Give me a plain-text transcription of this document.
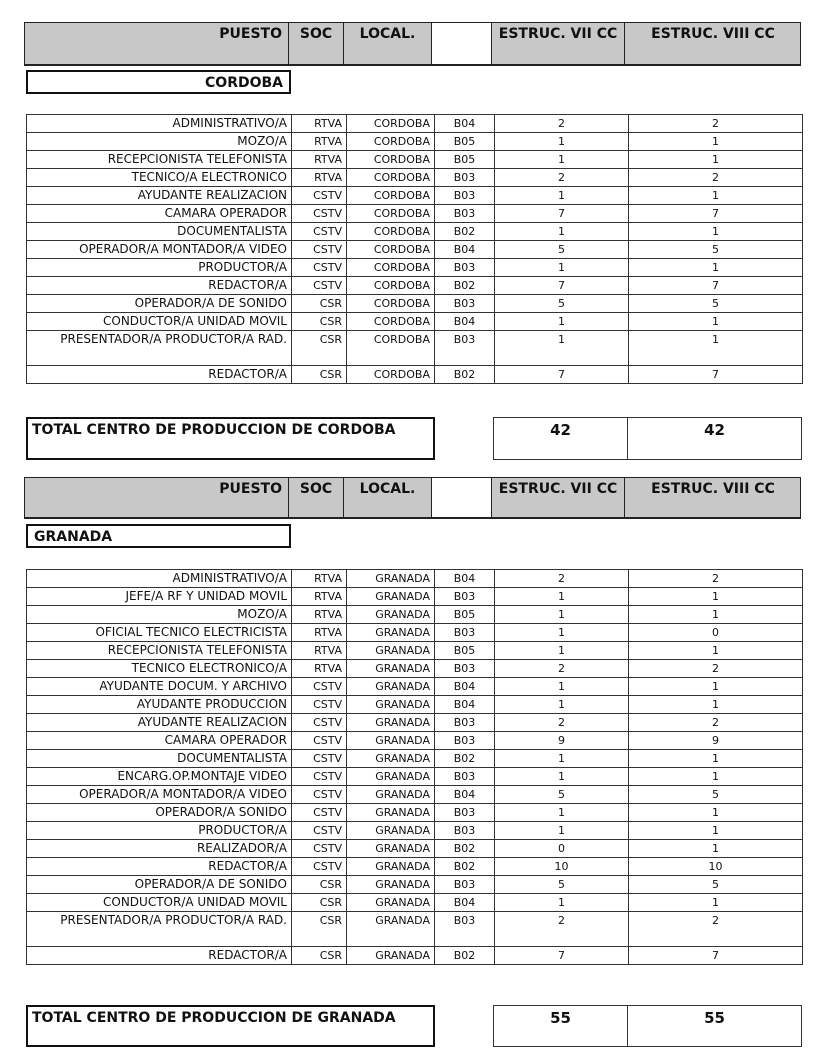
PUESTO	SOC	LOCAL.	ESTRUC. VII CC	ESTRUC. VIII CC
CORDOBA
ADMINISTRATIVO/A	RTVA	CORDOBA	B04	2	2
MOZO/A	RTVA	CORDOBA	B05	1	1
RECEPCIONISTA TELEFONISTA	RTVA	CORDOBA	B05	1	1
TECNICO/A ELECTRONICO	RTVA	CORDOBA	B03	2	2
AYUDANTE REALIZACION	CSTV	CORDOBA	B03	1	1
CAMARA OPERADOR	CSTV	CORDOBA	B03	7	7
DOCUMENTALISTA	CSTV	CORDOBA	B02	1	1
OPERADOR/A MONTADOR/A VIDEO	CSTV	CORDOBA	B04	5	5
PRODUCTOR/A	CSTV	CORDOBA	B03	1	1
REDACTOR/A	CSTV	CORDOBA	B02	7	7
OPERADOR/A DE SONIDO	CSR	CORDOBA	B03	5	5
CONDUCTOR/A UNIDAD MOVIL	CSR	CORDOBA	B04	1	1
PRESENTADOR/A PRODUCTOR/A RAD.	CSR	CORDOBA	B03	1	1
REDACTOR/A	CSR	CORDOBA	B02	7	7
TOTAL CENTRO DE PRODUCCION DE CORDOBA	42	42
PUESTO	SOC	LOCAL.	ESTRUC. VII CC	ESTRUC. VIII CC
GRANADA
ADMINISTRATIVO/A	RTVA	GRANADA	B04	2	2
JEFE/A RF Y UNIDAD MOVIL	RTVA	GRANADA	B03	1	1
MOZO/A	RTVA	GRANADA	B05	1	1
OFICIAL TECNICO ELECTRICISTA	RTVA	GRANADA	B03	1	0
RECEPCIONISTA TELEFONISTA	RTVA	GRANADA	B05	1	1
TECNICO ELECTRONICO/A	RTVA	GRANADA	B03	2	2
AYUDANTE DOCUM. Y ARCHIVO	CSTV	GRANADA	B04	1	1
AYUDANTE PRODUCCION	CSTV	GRANADA	B04	1	1
AYUDANTE REALIZACION	CSTV	GRANADA	B03	2	2
CAMARA OPERADOR	CSTV	GRANADA	B03	9	9
DOCUMENTALISTA	CSTV	GRANADA	B02	1	1
ENCARG.OP.MONTAJE VIDEO	CSTV	GRANADA	B03	1	1
OPERADOR/A MONTADOR/A VIDEO	CSTV	GRANADA	B04	5	5
OPERADOR/A SONIDO	CSTV	GRANADA	B03	1	1
PRODUCTOR/A	CSTV	GRANADA	B03	1	1
REALIZADOR/A	CSTV	GRANADA	B02	0	1
REDACTOR/A	CSTV	GRANADA	B02	10	10
OPERADOR/A DE SONIDO	CSR	GRANADA	B03	5	5
CONDUCTOR/A UNIDAD MOVIL	CSR	GRANADA	B04	1	1
PRESENTADOR/A PRODUCTOR/A RAD.	CSR	GRANADA	B03	2	2
REDACTOR/A	CSR	GRANADA	B02	7	7
TOTAL CENTRO DE PRODUCCION DE GRANADA	55	55
